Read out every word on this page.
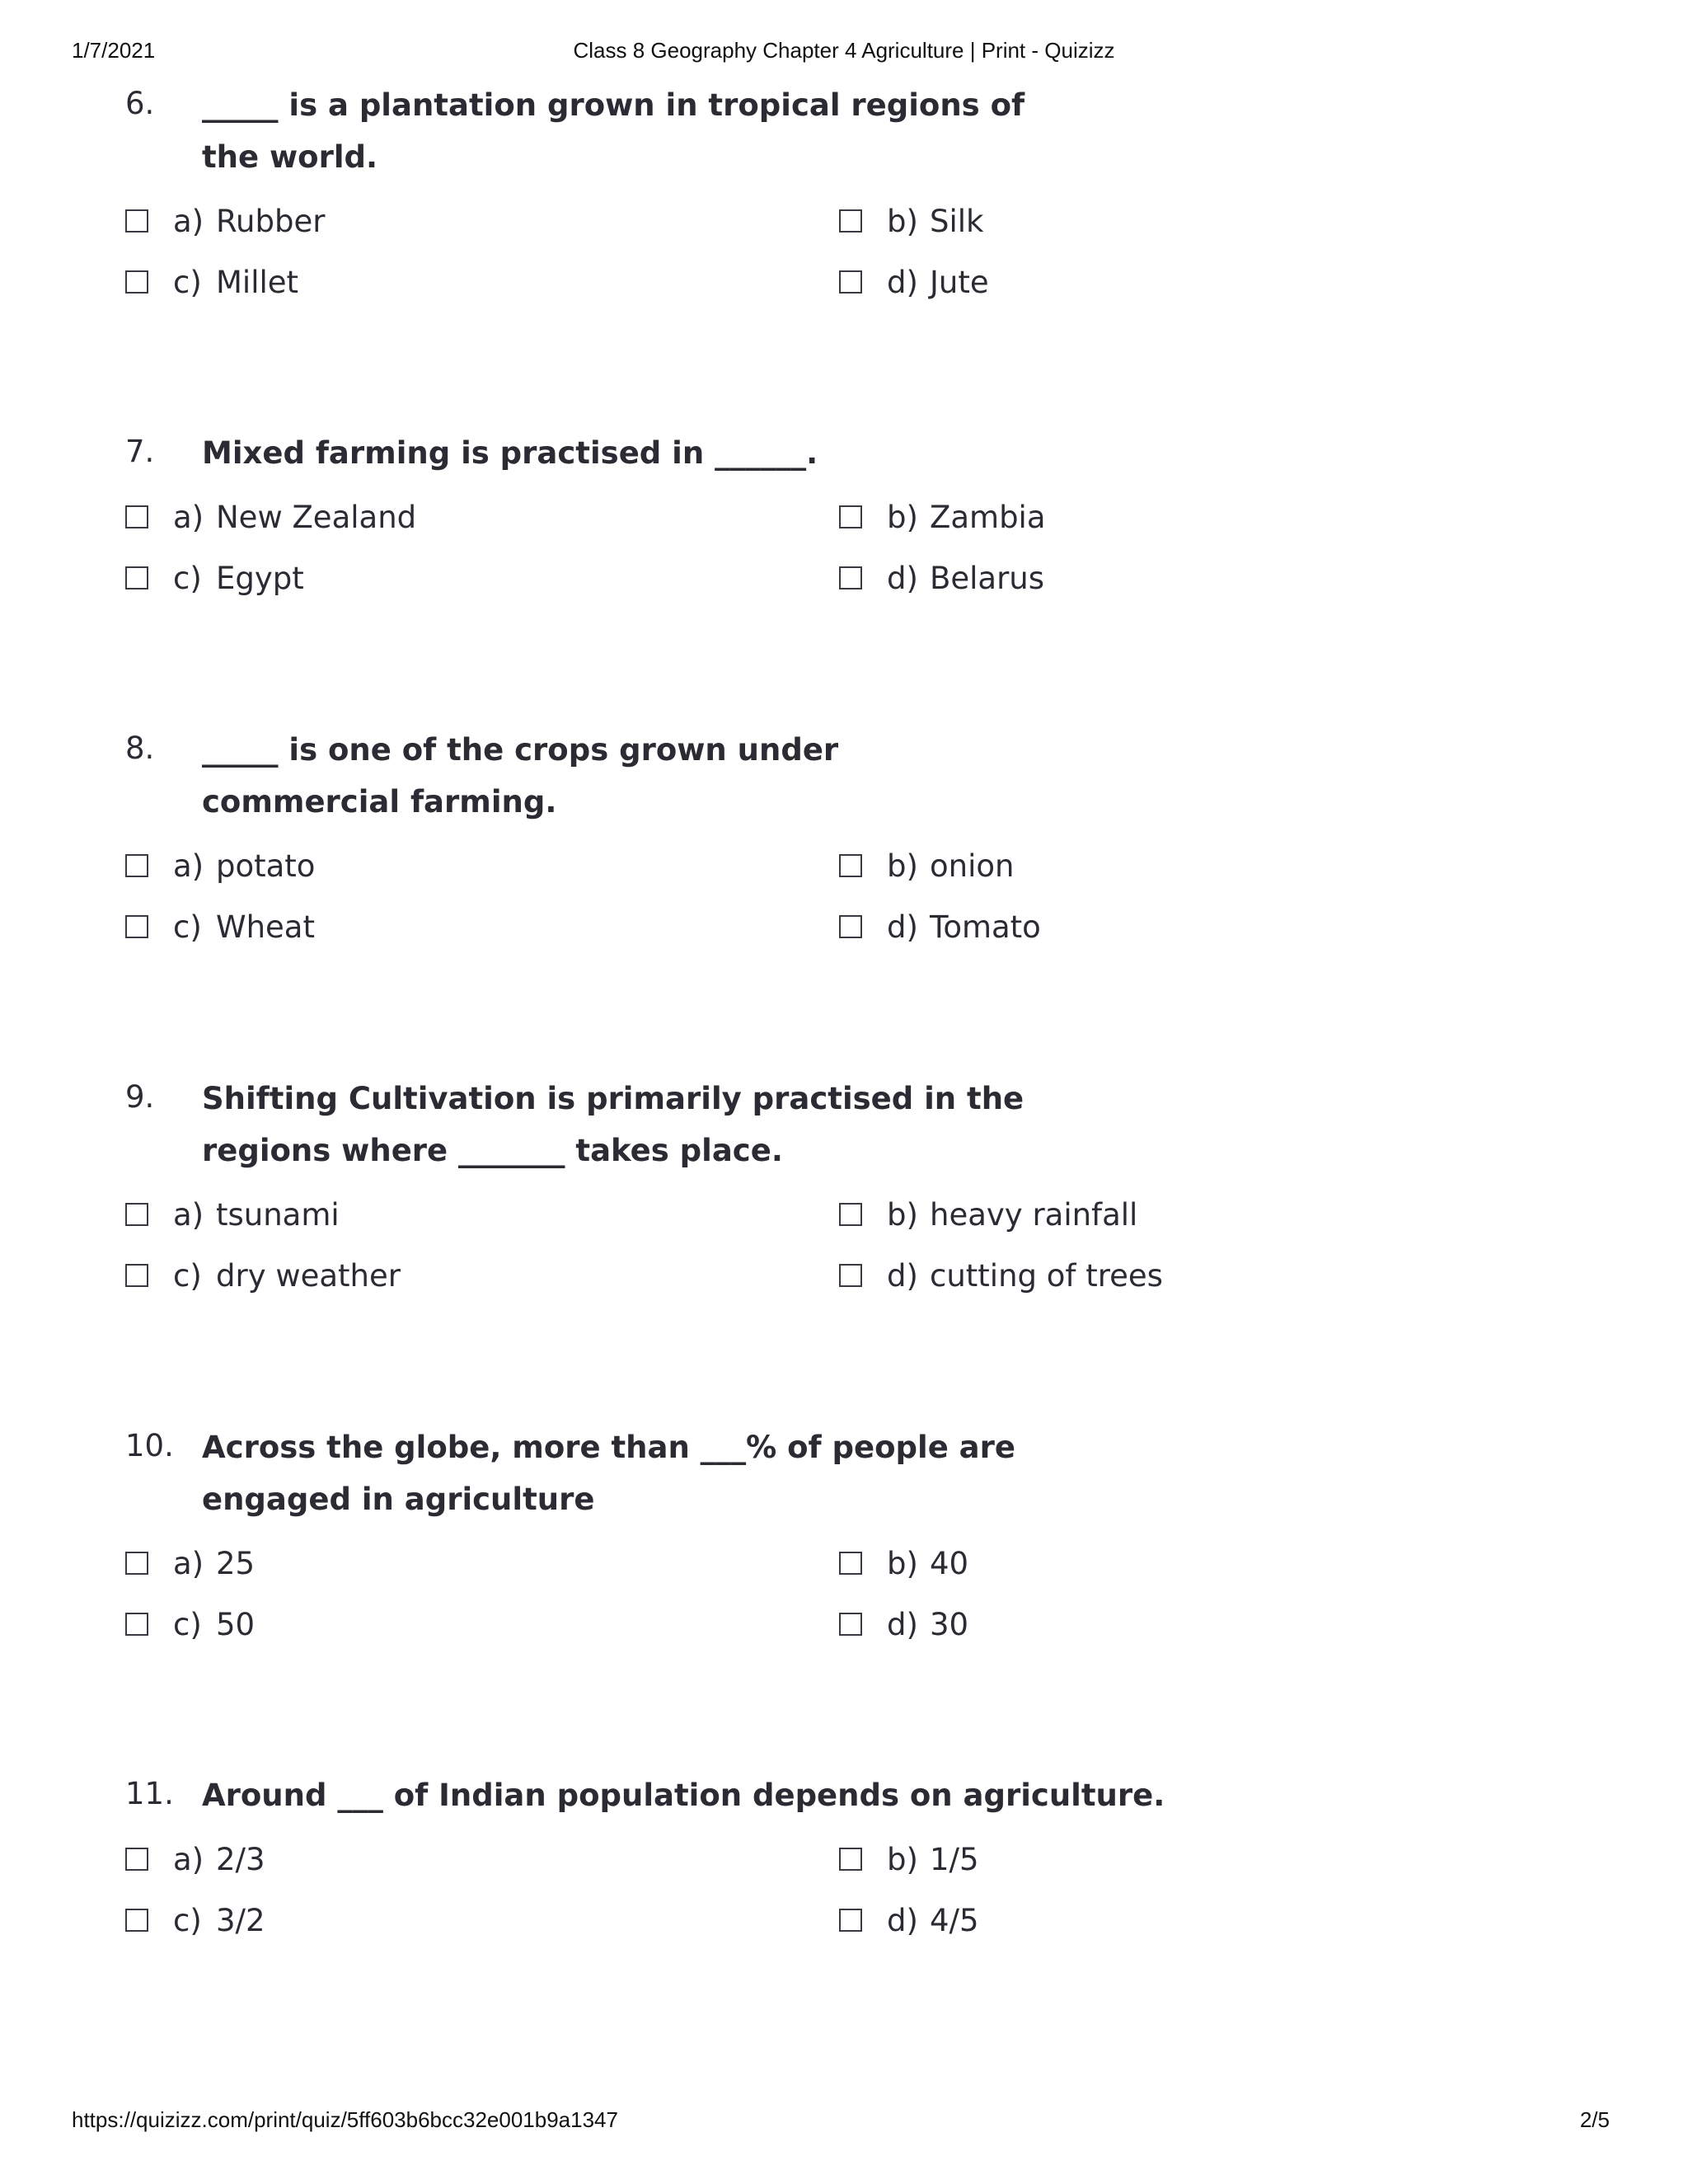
1/7/2021	Class 8 Geography Chapter 4 Agriculture | Print - Quizizz
6. _____ is a plantation grown in tropical regions of the world.
a) Rubber	b) Silk
c) Millet	d) Jute
7. Mixed farming is practised in ______.
a) New Zealand	b) Zambia
c) Egypt	d) Belarus
8. _____ is one of the crops grown under commercial farming.
a) potato	b) onion
c) Wheat	d) Tomato
9. Shifting Cultivation is primarily practised in the regions where _______ takes place.
a) tsunami	b) heavy rainfall
c) dry weather	d) cutting of trees
10. Across the globe, more than ___% of people are engaged in agriculture
a) 25	b) 40
c) 50	d) 30
11. Around ___ of Indian population depends on agriculture.
a) 2/3	b) 1/5
c) 3/2	d) 4/5
https://quizizz.com/print/quiz/5ff603b6bcc32e001b9a1347	2/5
